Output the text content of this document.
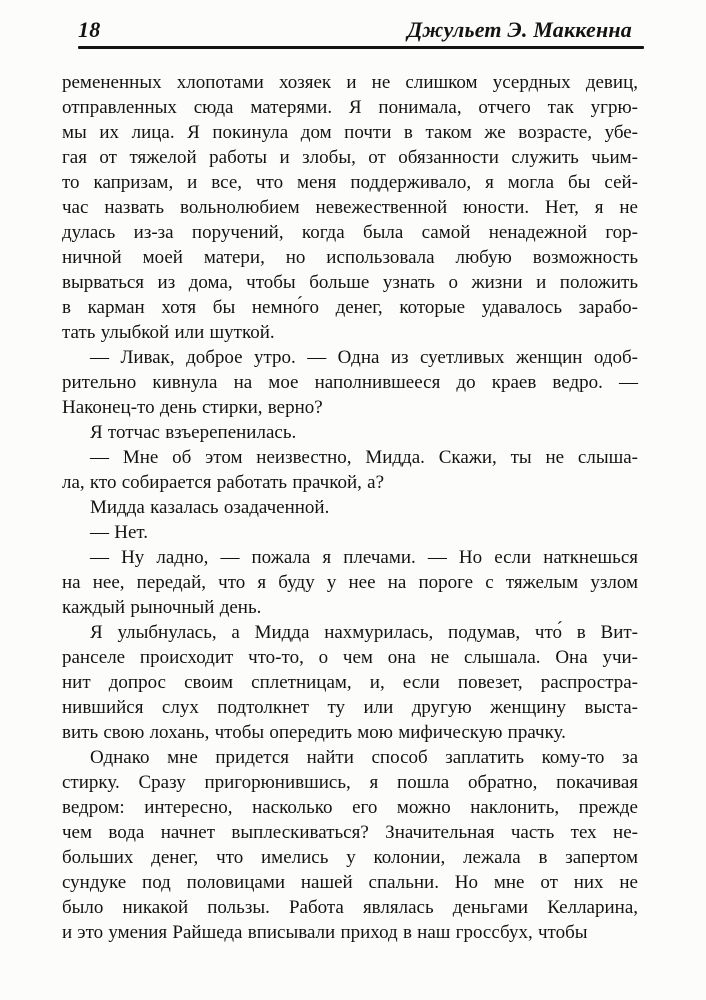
18	Джульет Э. Маккенна
ремененных хлопотами хозяек и не слишком усердных девиц,
отправленных сюда матерями. Я понимала, отчего так угрю-
мы их лица. Я покинула дом почти в таком же возрасте, убе-
гая от тяжелой работы и злобы, от обязанности служить чьим-
то капризам, и все, что меня поддерживало, я могла бы сей-
час назвать вольнолюбием невежественной юности. Нет, я не
дулась из-за поручений, когда была самой ненадежной гор-
ничной моей матери, но использовала любую возможность
вырваться из дома, чтобы больше узнать о жизни и положить
в карман хотя бы немно́го денег, которые удавалось зарабо-
тать улыбкой или шуткой.
— Ливак, доброе утро. — Одна из суетливых женщин одоб-
рительно кивнула на мое наполнившееся до краев ведро. —
Наконец-то день стирки, верно?
Я тотчас взъерепенилась.
— Мне об этом неизвестно, Мидда. Скажи, ты не слыша-
ла, кто собирается работать прачкой, а?
Мидда казалась озадаченной.
— Нет.
— Ну ладно, — пожала я плечами. — Но если наткнешься
на нее, передай, что я буду у нее на пороге с тяжелым узлом
каждый рыночный день.
Я улыбнулась, а Мидда нахмурилась, подумав, что́ в Вит-
ранселе происходит что-то, о чем она не слышала. Она учи-
нит допрос своим сплетницам, и, если повезет, распростра-
нившийся слух подтолкнет ту или другую женщину выста-
вить свою лохань, чтобы опередить мою мифическую прачку.
Однако мне придется найти способ заплатить кому-то за
стирку. Сразу пригорюнившись, я пошла обратно, покачивая
ведром: интересно, насколько его можно наклонить, прежде
чем вода начнет выплескиваться? Значительная часть тех не-
больших денег, что имелись у колонии, лежала в запертом
сундуке под половицами нашей спальни. Но мне от них не
было никакой пользы. Работа являлась деньгами Келларина,
и это умения Райшеда вписывали приход в наш гроссбух, чтобы
